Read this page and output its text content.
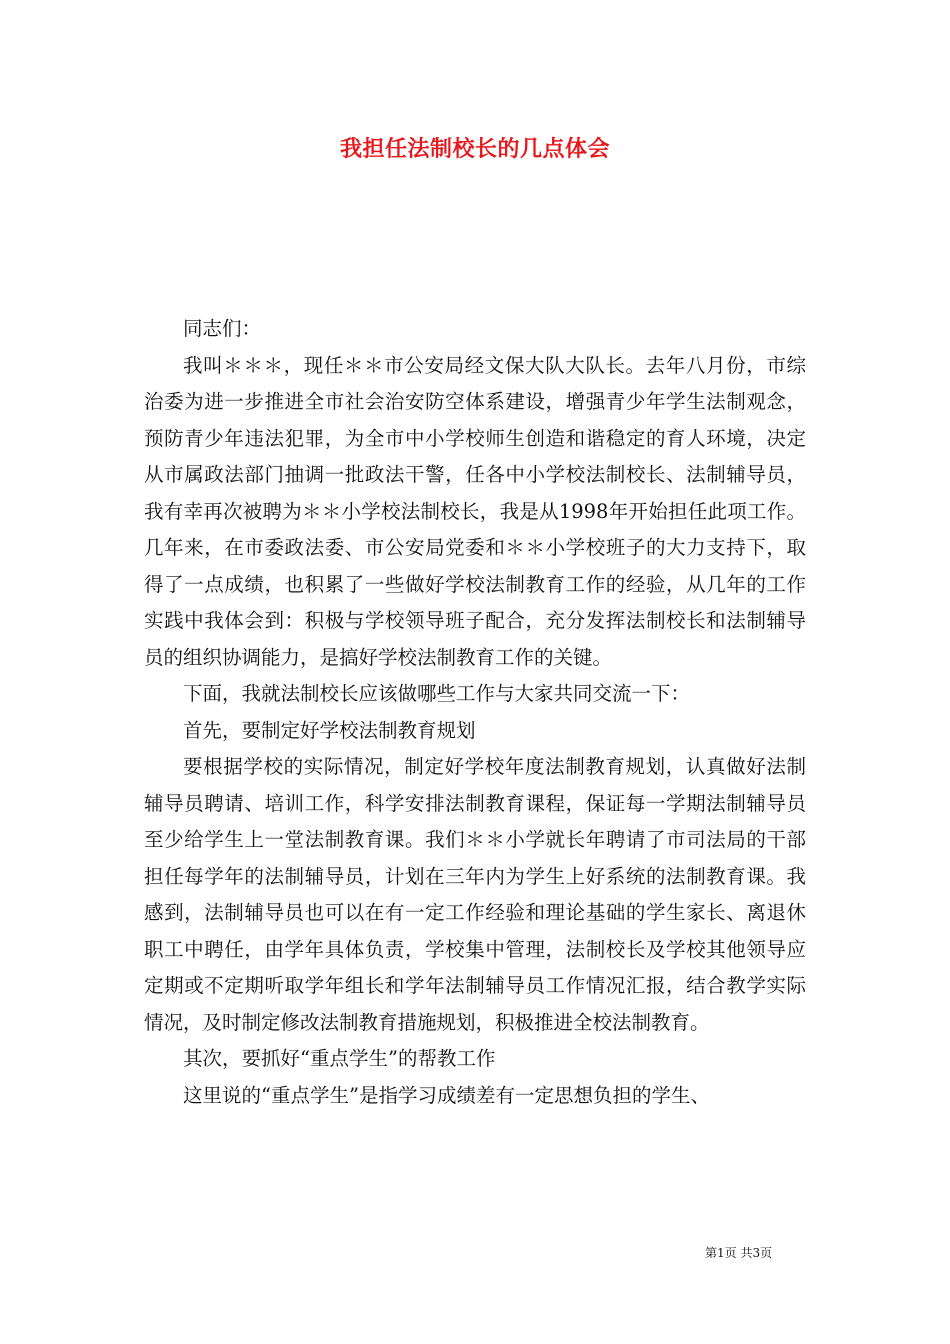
我担任法制校长的几点体会

同志们：

我叫＊＊＊，现任＊＊市公安局经文保大队大队长。去年八月份，市综治委为进一步推进全市社会治安防空体系建设，增强青少年学生法制观念，预防青少年违法犯罪，为全市中小学校师生创造和谐稳定的育人环境，决定从市属政法部门抽调一批政法干警，任各中小学校法制校长、法制辅导员，我有幸再次被聘为＊＊小学校法制校长，我是从1998年开始担任此项工作。几年来，在市委政法委、市公安局党委和＊＊小学校班子的大力支持下，取得了一点成绩，也积累了一些做好学校法制教育工作的经验，从几年的工作实践中我体会到：积极与学校领导班子配合，充分发挥法制校长和法制辅导员的组织协调能力，是搞好学校法制教育工作的关键。

下面，我就法制校长应该做哪些工作与大家共同交流一下：

首先，要制定好学校法制教育规划

要根据学校的实际情况，制定好学校年度法制教育规划，认真做好法制辅导员聘请、培训工作，科学安排法制教育课程，保证每一学期法制辅导员至少给学生上一堂法制教育课。我们＊＊小学就长年聘请了市司法局的干部担任每学年的法制辅导员，计划在三年内为学生上好系统的法制教育课。我感到，法制辅导员也可以在有一定工作经验和理论基础的学生家长、离退休职工中聘任，由学年具体负责，学校集中管理，法制校长及学校其他领导应定期或不定期听取学年组长和学年法制辅导员工作情况汇报，结合教学实际情况，及时制定修改法制教育措施规划，积极推进全校法制教育。

其次，要抓好“重点学生”的帮教工作

这里说的“重点学生”是指学习成绩差有一定思想负担的学生、

第1页 共3页
